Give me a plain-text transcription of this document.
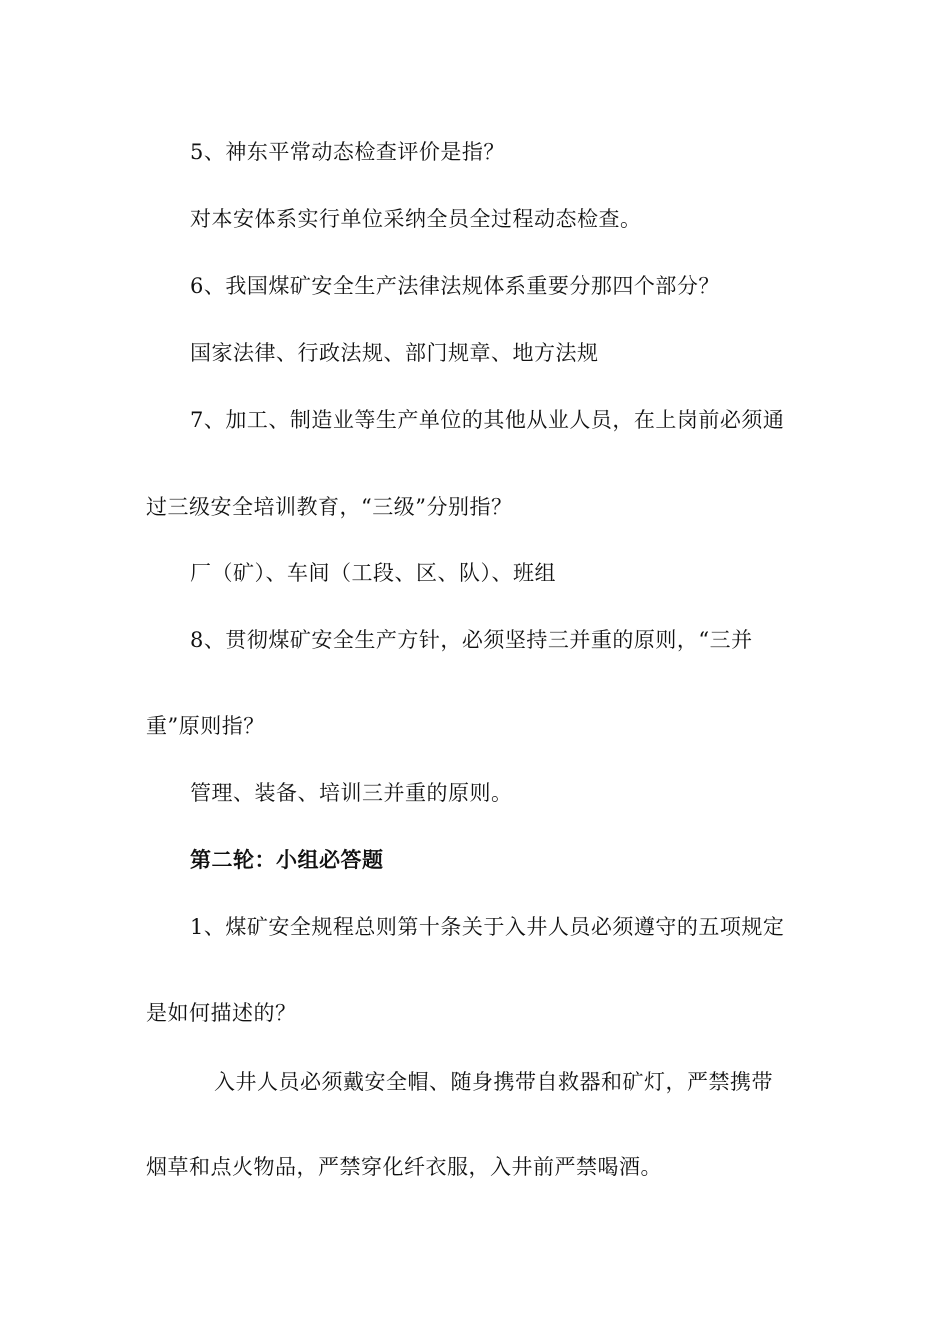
5、神东平常动态检查评价是指？
对本安体系实行单位采纳全员全过程动态检查。
6、我国煤矿安全生产法律法规体系重要分那四个部分？
国家法律、行政法规、部门规章、地方法规
7、加工、制造业等生产单位的其他从业人员，在上岗前必须通
过三级安全培训教育，“三级”分别指？
厂（矿）、车间（工段、区、队）、班组
8、贯彻煤矿安全生产方针，必须坚持三并重的原则，“三并
重”原则指？
管理、装备、培训三并重的原则。
第二轮：小组必答题
1、煤矿安全规程总则第十条关于入井人员必须遵守的五项规定
是如何描述的？
入井人员必须戴安全帽、随身携带自救器和矿灯，严禁携带
烟草和点火物品，严禁穿化纤衣服，入井前严禁喝酒。
